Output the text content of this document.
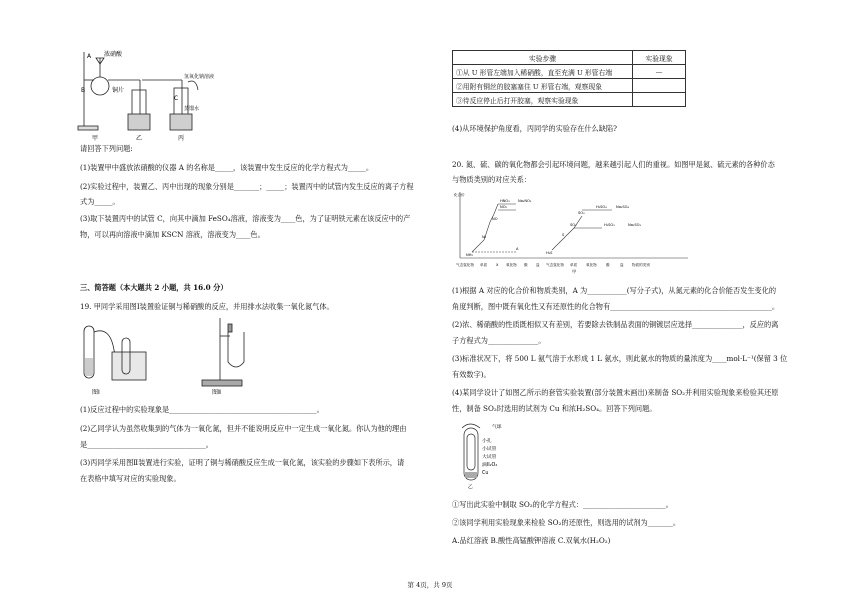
A 浓硝酸
B	铜片
C
氢氧化钠溶液
甲	乙	丙
蒸馏水
请回答下列问题:
(1)装置甲中盛放浓硝酸的仪器 A 的名称是_____，该装置中发生反应的化学方程式为_____。
(2)实验过程中，装置乙、丙中出现的现象分别是_______；_____；装置丙中的试管内发生反应的离子方程
式为_____。
(3)取下装置丙中的试管 C，向其中滴加 FeSO₄溶液，溶液变为____色，为了证明铁元素在该反应中的产
物，可以再向溶液中滴加 KSCN 溶液，溶液变为____色。
三、简答题（本大题共 2 小题，共 16.0 分）
19. 甲同学采用图Ⅰ装置验证铜与稀硝酸的反应，并用排水法收集一氧化氮气体。
图Ⅰ	图Ⅱ
(1)反应过程中的实验现象是_________________________________________。
(2)乙同学认为虽然收集到的气体为一氧化氮，但并不能说明反应中一定生成一氧化氮。你认为他的理由
是_________________________________。
(3)丙同学采用图Ⅱ装置进行实验，证明了铜与稀硝酸反应生成一氧化氮，该实验的步骤如下表所示，请
在表格中填写对应的实验现象。
实验步骤	实验现象
①从 U 形管左端加入稀硝酸，直至充满 U 形管右端	—
②用附有铜丝的胶塞塞住 U 形管右端，观察现象	
③待反应停止后打开胶塞，观察实验现象	
(4)从环境保护角度看，丙同学的实验存在什么缺陷?
20. 氮、硫、碳的氧化物都会引起环境问题，越来越引起人们的重视。如图甲是氮、硫元素的各种价态
与物质类别的对应关系：
化合价
NH₃
N₂
NO
NO₂
HNO₃ Na₂NO₃
H₂S
S
SO₂	H₂SO₃
SO₃
H₂SO₄
Na₂SO₃
Na₂SO₄
A
气态氢化物 单质 X 氧化物 酸 盐 气态氢化物 单质 氧化物	酸	盐 物质的类别
甲
(1)根据 A 对应的化合价和物质类别，A 为___________(写分子式)，从氮元素的化合价能否发生变化的
角度判断，图中既有氧化性又有还原性的化合物有_____________________________________________。
(2)浓、稀硝酸的性质既相似又有差别，若要除去铁制品表面的铜镀层应选择______________，反应的离
子方程式为______________。
(3)标准状况下，将 500 L 氨气溶于水形成 1 L 氨水，则此氨水的物质的量浓度为____mol·L⁻¹(保留 3 位
有效数字)。
(4)某同学设计了如图乙所示的套管实验装置(部分装置未画出)来制备 SO₂并利用实验现象来检验其还原
性，制备 SO₂时选用的试剂为 Cu 和浓H₂SO₄。回答下列问题。
气球
小孔
小试管
大试管
滴II₂O₂
Cu
乙
①写出此实验中制取 SO₂的化学方程式：_______________________。
②该同学利用实验现象来检验 SO₂的还原性，则选用的试剂为_______。
A.品红溶液 B.酸性高锰酸钾溶液 C.双氧水(H₂O₂)
第 4页，共 9页
